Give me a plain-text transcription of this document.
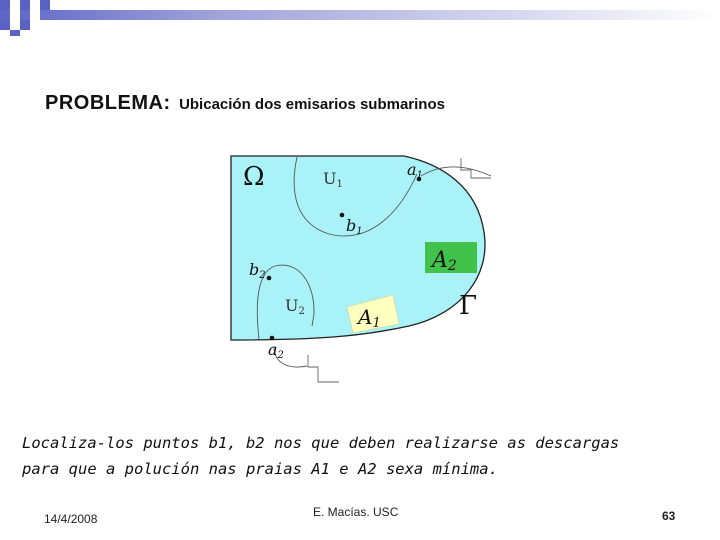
PROBLEMA: Ubicación dos emisarios submarinos
Ω
Γ
U1
U2
a1
b1
b2
a2
A2
A1

Localiza-los puntos b1, b2 nos que deben realizarse as descargas

para que a polución nas praias A1 e A2 sexa mínima.

14/4/2008	E. Macías. USC	63
